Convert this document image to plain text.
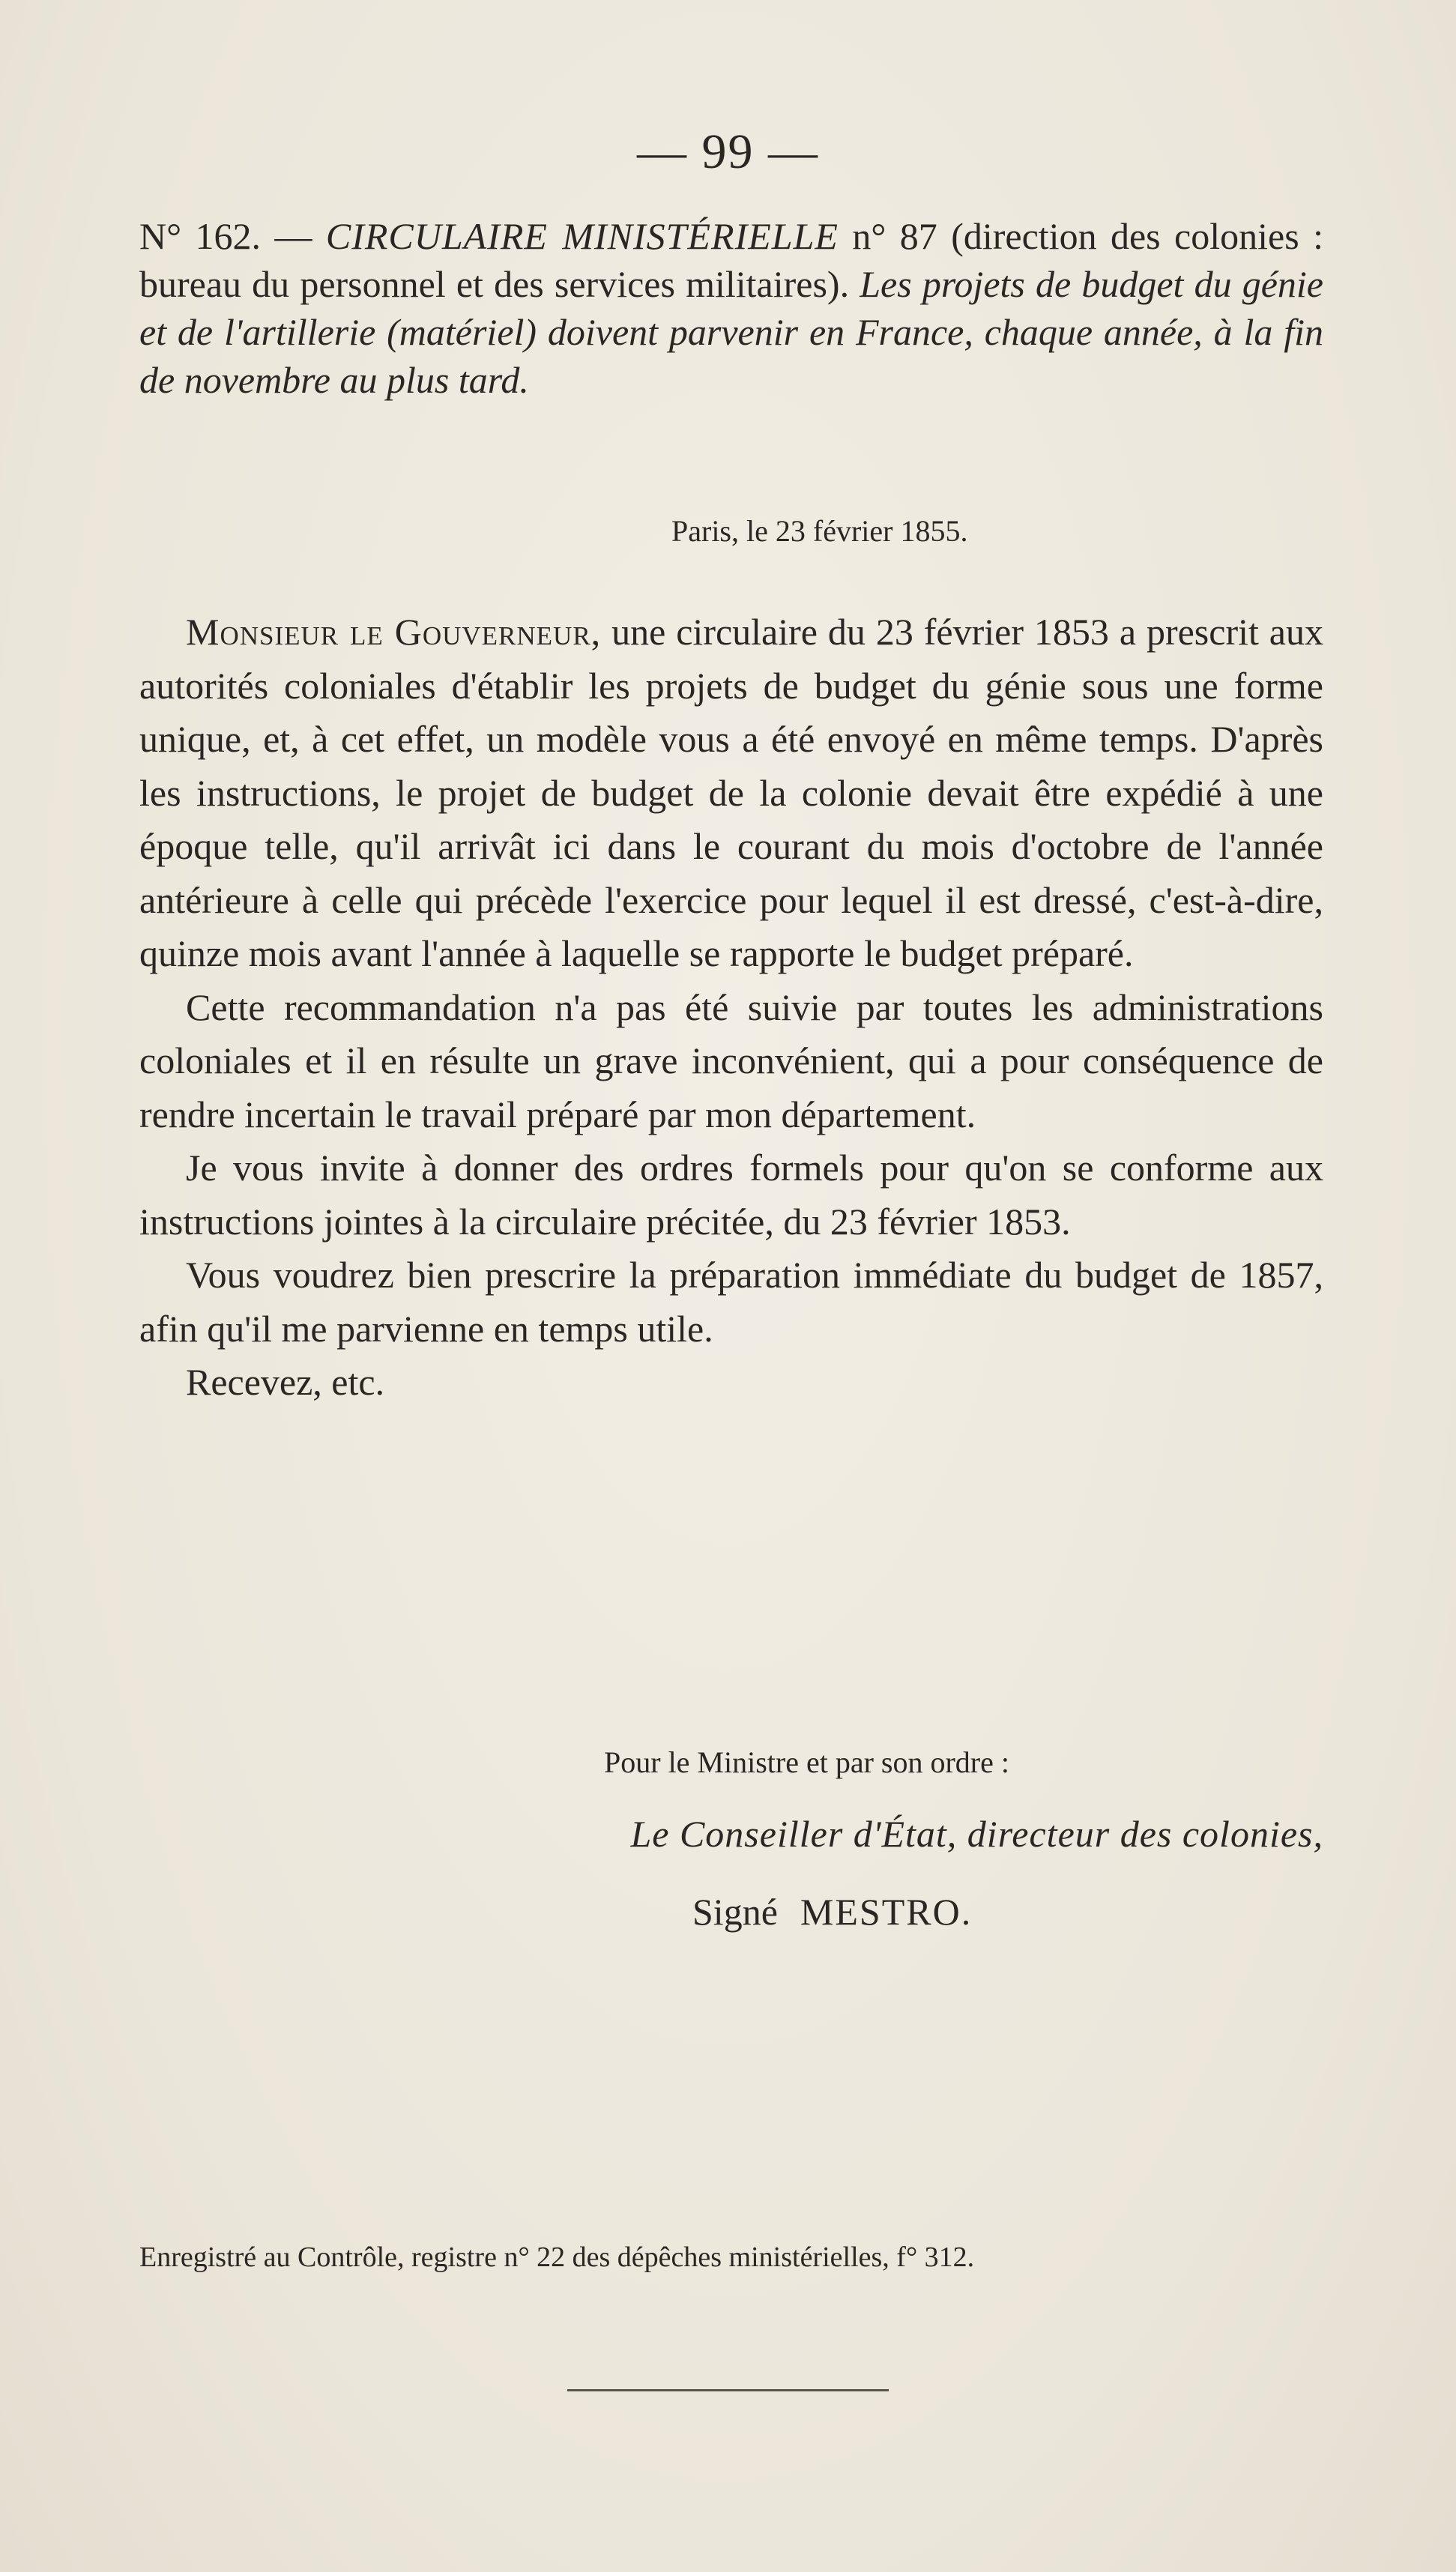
— 99 —
N° 162. — CIRCULAIRE MINISTÉRIELLE n° 87 (direction des colonies : bureau du personnel et des services militaires). Les projets de budget du génie et de l'artillerie (matériel) doivent parvenir en France, chaque année, à la fin de novembre au plus tard.
Paris, le 23 février 1855.

Monsieur le Gouverneur, une circulaire du 23 février 1853 a prescrit aux autorités coloniales d'établir les projets de budget du génie sous une forme unique, et, à cet effet, un modèle vous a été envoyé en même temps. D'après les instructions, le projet de budget de la colonie devait être expédié à une époque telle, qu'il arrivât ici dans le courant du mois d'octobre de l'année antérieure à celle qui précède l'exercice pour lequel il est dressé, c'est-à-dire, quinze mois avant l'année à laquelle se rapporte le budget préparé.

Cette recommandation n'a pas été suivie par toutes les administrations coloniales et il en résulte un grave inconvénient, qui a pour conséquence de rendre incertain le travail préparé par mon département.

Je vous invite à donner des ordres formels pour qu'on se conforme aux instructions jointes à la circulaire précitée, du 23 février 1853.

Vous voudrez bien prescrire la préparation immédiate du budget de 1857, afin qu'il me parvienne en temps utile.

Recevez, etc.

Pour le Ministre et par son ordre :
Le Conseiller d'État, directeur des colonies,
Signé MESTRO.
Enregistré au Contrôle, registre n° 22 des dépêches ministérielles, f° 312.
